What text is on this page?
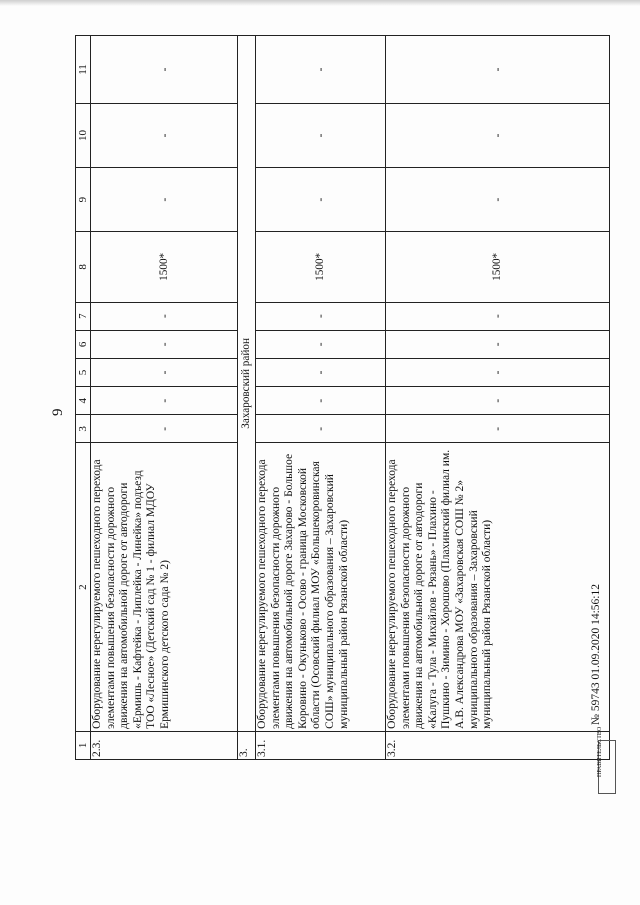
9
1	2	3	4	5	6	7	8	9	10	11
2.3.	Оборудование нерегулируемого пешеходного перехода элементами повышения безопасности дорожного движения на автомобильной дороге от автодороги «Ермишь - Кафтейка - Липлейка - Линейка» подъезд ТОО «Лесное» (Детский сад № 1 - филиал МДОУ Ермишинского детского сада № 2)	-	-	-	-	-	1500*	-	-	-
3.	Захаровский район									
3.1.	Оборудование нерегулируемого пешеходного перехода элементами повышения безопасности дорожного движения на автомобильной дороге Захарово - Большое Коровино - Окуньково - Осово - граница Московской области (Осовский филиал МОУ «Большекоровинская СОШ» муниципального образования – Захаровский муниципальный район Рязанской области)	-	-	-	-	-	1500*	-	-	-
3.2.	Оборудование нерегулируемого пешеходного перехода элементами повышения безопасности дорожного движения на автомобильной дороге от автодороги «Калуга - Тула - Михайлов - Рязань» - Плахино - Пушкино - Зимино - Хорошово (Плахинский филиал им. А.В. Александрова МОУ «Захаровская СОШ № 2» муниципального образования – Захаровский муниципальный район Рязанской области)	-	-	-	-	-	1500*	-	-	-
№ 59743 01.09.2020 14:56:12
ПРАВИТЕЛЬСТВО
